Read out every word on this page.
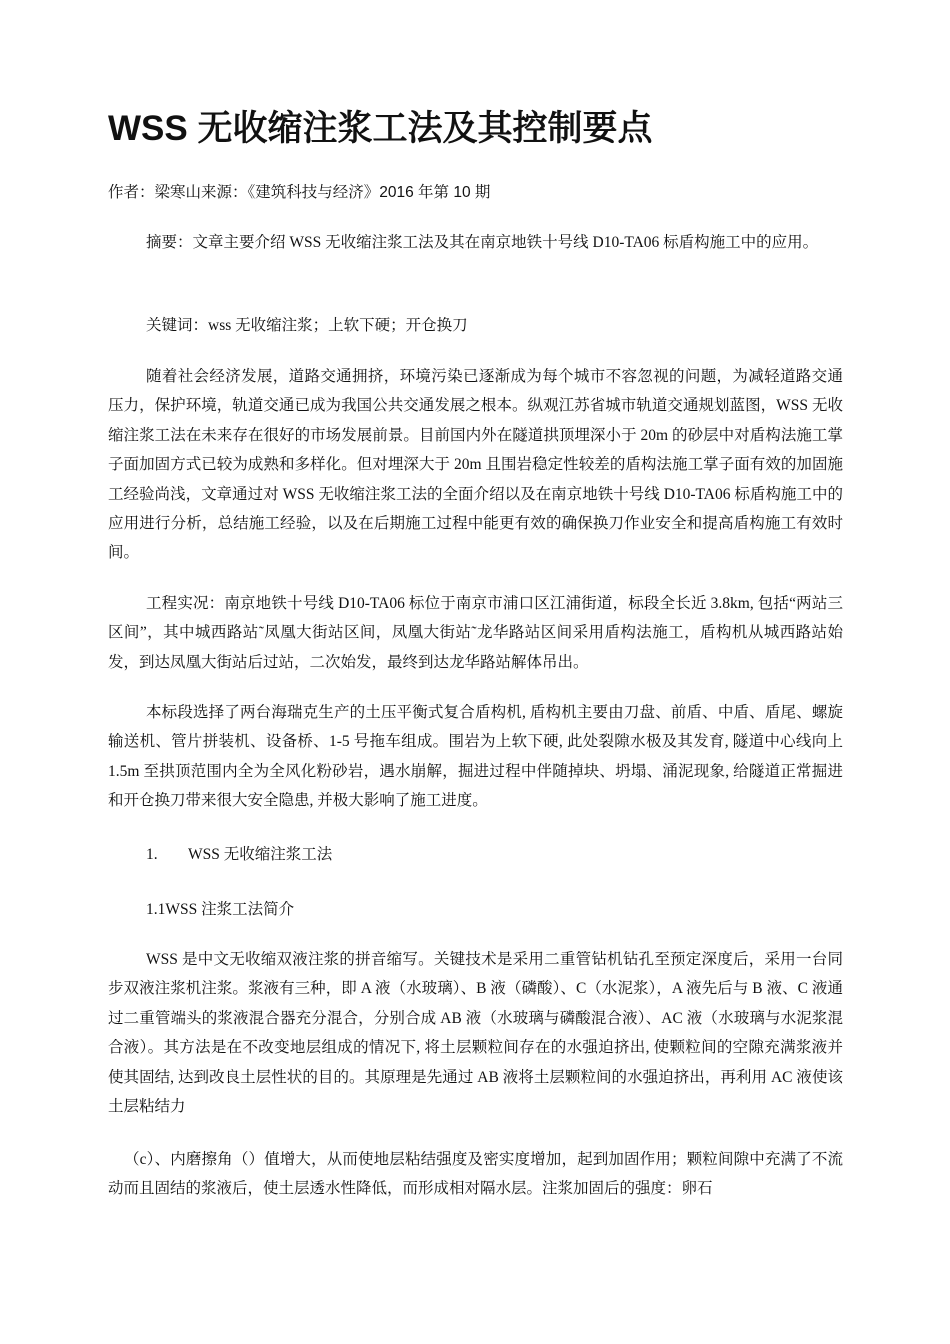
WSS 无收缩注浆工法及其控制要点
作者：梁寒山来源：《建筑科技与经济》2016 年第 10 期

摘要：文章主要介绍 WSS 无收缩注浆工法及其在南京地铁十号线 D10-TA06 标盾构施工中的应用。

关键词：wss 无收缩注浆；上软下硬；开仓换刀

随着社会经济发展，道路交通拥挤，环境污染已逐渐成为每个城市不容忽视的问题，为减轻道路交通压力，保护环境，轨道交通已成为我国公共交通发展之根本。纵观江苏省城市轨道交通规划蓝图，WSS 无收缩注浆工法在未来存在很好的市场发展前景。目前国内外在隧道拱顶埋深小于 20m 的砂层中对盾构法施工掌子面加固方式已较为成熟和多样化。但对埋深大于 20m 且围岩稳定性较差的盾构法施工掌子面有效的加固施工经验尚浅，文章通过对 WSS 无收缩注浆工法的全面介绍以及在南京地铁十号线 D10-TA06 标盾构施工中的应用进行分析，总结施工经验，以及在后期施工过程中能更有效的确保换刀作业安全和提高盾构施工有效时间。

工程实况：南京地铁十号线 D10-TA06 标位于南京市浦口区江浦街道，标段全长近 3.8km, 包括“两站三区间”，其中城西路站˜凤凰大街站区间，凤凰大街站˜龙华路站区间采用盾构法施工，盾构机从城西路站始发，到达凤凰大街站后过站，二次始发，最终到达龙华路站解体吊出。

本标段选择了两台海瑞克生产的土压平衡式复合盾构机, 盾构机主要由刀盘、前盾、中盾、盾尾、螺旋输送机、管片拼装机、设备桥、1-5 号拖车组成。围岩为上软下硬, 此处裂隙水极及其发育, 隧道中心线向上 1.5m 至拱顶范围内全为全风化粉砂岩，遇水崩解，掘进过程中伴随掉块、坍塌、涌泥现象, 给隧道正常掘进和开仓换刀带来很大安全隐患, 并极大影响了施工进度。

1. WSS 无收缩注浆工法
1.1WSS 注浆工法简介

WSS 是中文无收缩双液注浆的拼音缩写。关键技术是采用二重管钻机钻孔至预定深度后，采用一台同步双液注浆机注浆。浆液有三种，即 A 液（水玻璃）、B 液（磷酸）、C（水泥浆），A 液先后与 B 液、C 液通过二重管端头的浆液混合器充分混合，分别合成 AB 液（水玻璃与磷酸混合液）、AC 液（水玻璃与水泥浆混合液）。其方法是在不改变地层组成的情况下, 将土层颗粒间存在的水强迫挤出, 使颗粒间的空隙充满浆液并使其固结, 达到改良土层性状的目的。其原理是先通过 AB 液将土层颗粒间的水强迫挤出，再利用 AC 液使该土层粘结力

（c）、内磨擦角（）值增大，从而使地层粘结强度及密实度增加，起到加固作用；颗粒间隙中充满了不流动而且固结的浆液后，使土层透水性降低，而形成相对隔水层。注浆加固后的强度：卵石
